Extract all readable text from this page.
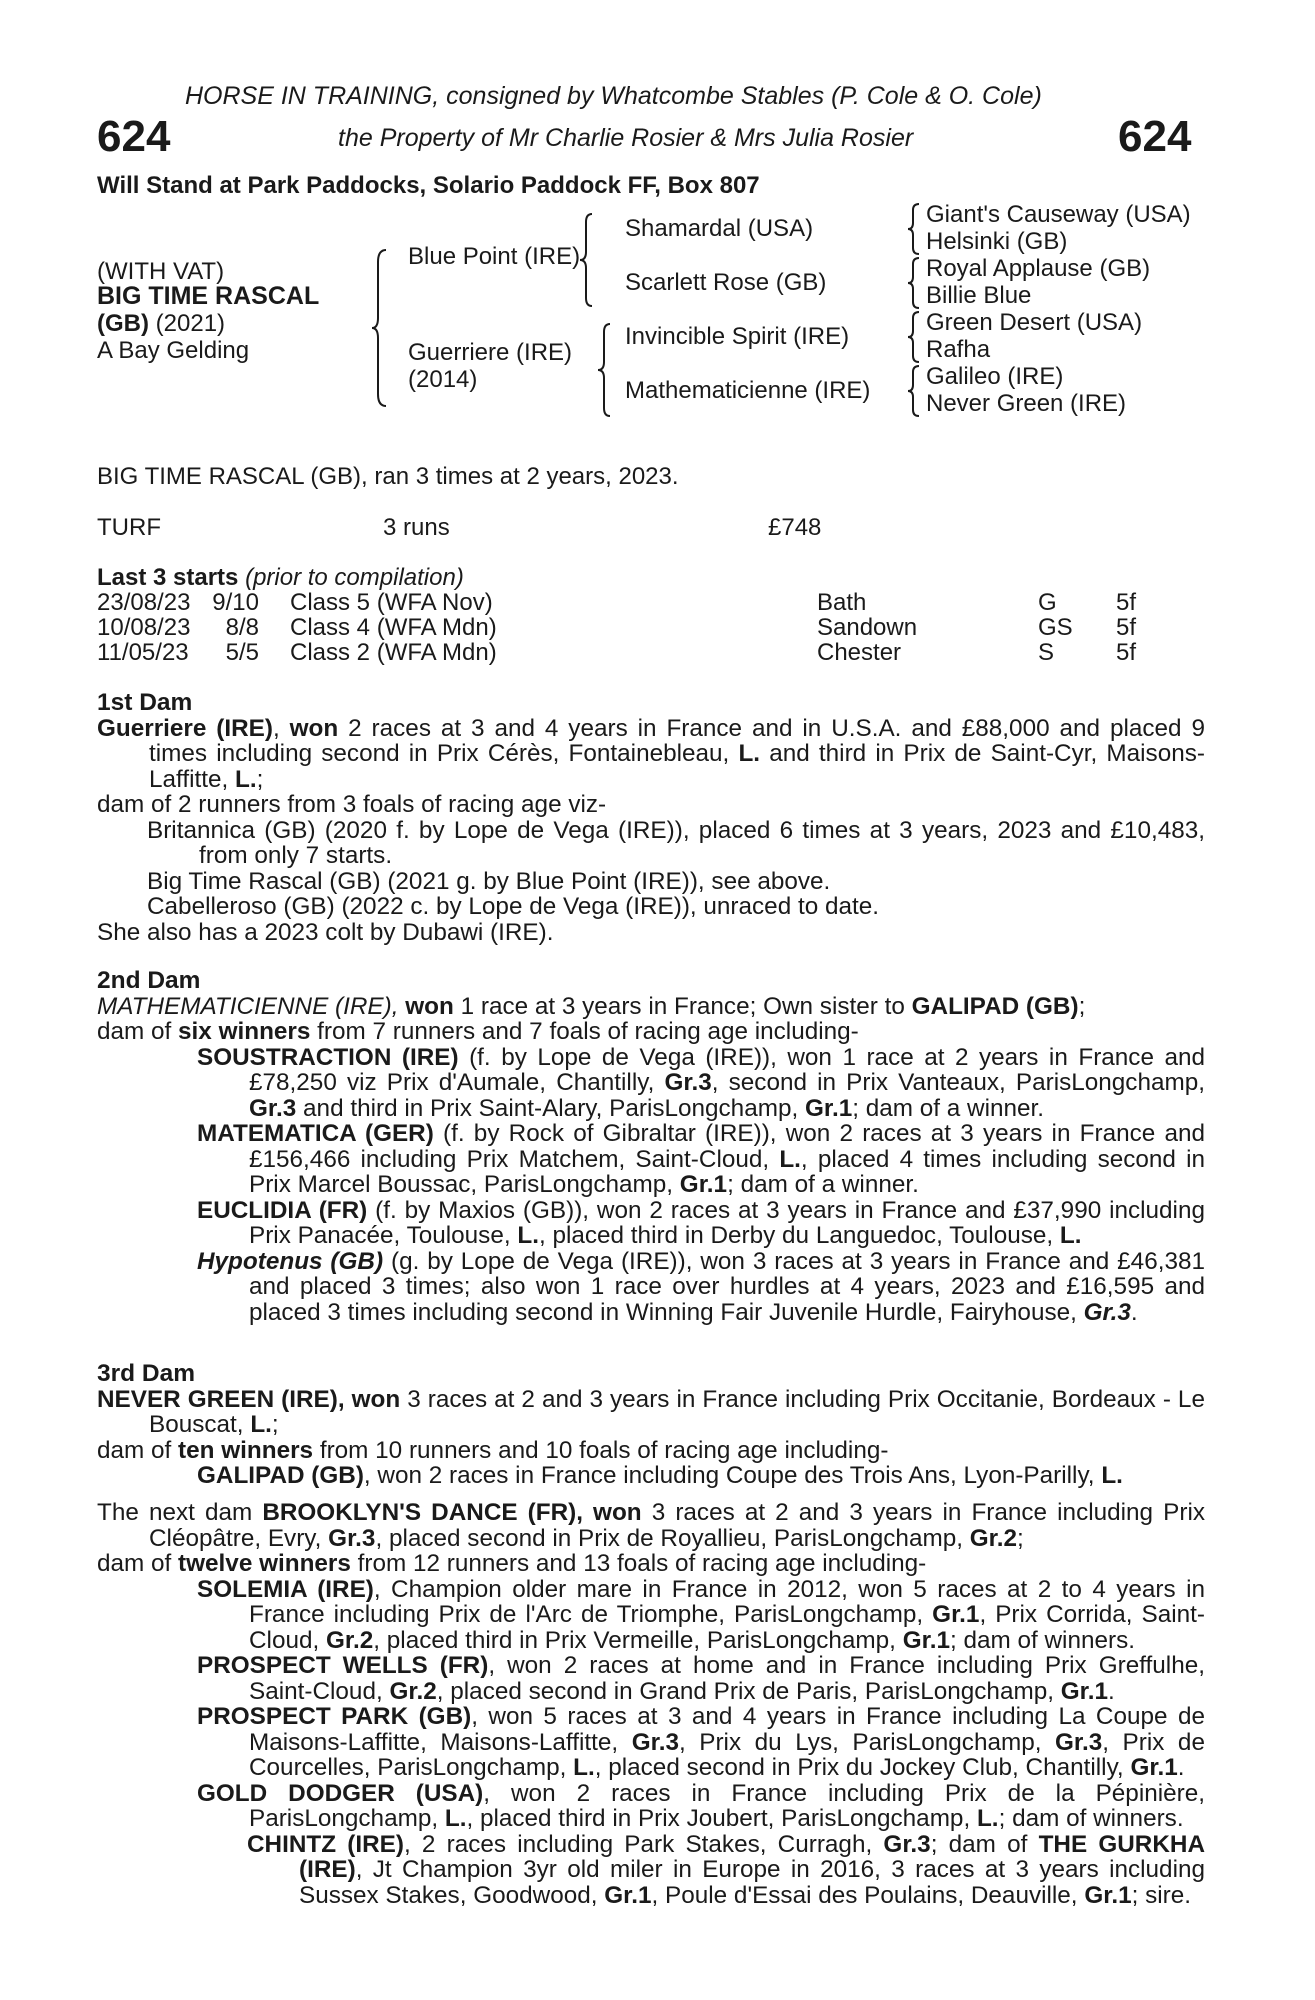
HORSE IN TRAINING, consigned by Whatcombe Stables (P. Cole & O. Cole)
624	the Property of Mr Charlie Rosier & Mrs Julia Rosier	624
Will Stand at Park Paddocks, Solario Paddock FF, Box 807
(WITH VAT)
BIG TIME RASCAL
(GB) (2021)
A Bay Gelding
Blue Point (IRE)
Guerriere (IRE)
(2014)
Shamardal (USA)
Scarlett Rose (GB)
Invincible Spirit (IRE)
Mathematicienne (IRE)
Giant's Causeway (USA)
Helsinki (GB)
Royal Applause (GB)
Billie Blue
Green Desert (USA)
Rafha
Galileo (IRE)
Never Green (IRE)
BIG TIME RASCAL (GB), ran 3 times at 2 years, 2023.
TURF	3 runs	£748
Last 3 starts (prior to compilation)
23/08/23 9/10 Class 5 (WFA Nov)	Bath	G 5f
10/08/23	8/8 Class 4 (WFA Mdn)	Sandown	GS 5f
11/05/23	5/5 Class 2 (WFA Mdn)	Chester	S	5f

1st Dam

Guerriere (IRE), won 2 races at 3 and 4 years in France and in U.S.A. and £88,000 and placed 9 times including second in Prix Cérès, Fontainebleau, L. and third in Prix de Saint-Cyr, Maisons-Laffitte, L.;

dam of 2 runners from 3 foals of racing age viz-

Britannica (GB) (2020 f. by Lope de Vega (IRE)), placed 6 times at 3 years, 2023 and £10,483, from only 7 starts.

Big Time Rascal (GB) (2021 g. by Blue Point (IRE)), see above.

Cabelleroso (GB) (2022 c. by Lope de Vega (IRE)), unraced to date.

She also has a 2023 colt by Dubawi (IRE).

2nd Dam

MATHEMATICIENNE (IRE), won 1 race at 3 years in France; Own sister to GALIPAD (GB);

dam of six winners from 7 runners and 7 foals of racing age including-

SOUSTRACTION (IRE) (f. by Lope de Vega (IRE)), won 1 race at 2 years in France and £78,250 viz Prix d'Aumale, Chantilly, Gr.3, second in Prix Vanteaux, ParisLongchamp, Gr.3 and third in Prix Saint-Alary, ParisLongchamp, Gr.1; dam of a winner.

MATEMATICA (GER) (f. by Rock of Gibraltar (IRE)), won 2 races at 3 years in France and £156,466 including Prix Matchem, Saint-Cloud, L., placed 4 times including second in Prix Marcel Boussac, ParisLongchamp, Gr.1; dam of a winner.

EUCLIDIA (FR) (f. by Maxios (GB)), won 2 races at 3 years in France and £37,990 including Prix Panacée, Toulouse, L., placed third in Derby du Languedoc, Toulouse, L.

Hypotenus (GB) (g. by Lope de Vega (IRE)), won 3 races at 3 years in France and £46,381 and placed 3 times; also won 1 race over hurdles at 4 years, 2023 and £16,595 and placed 3 times including second in Winning Fair Juvenile Hurdle, Fairyhouse, Gr.3.

3rd Dam

NEVER GREEN (IRE), won 3 races at 2 and 3 years in France including Prix Occitanie, Bordeaux - Le Bouscat, L.;

dam of ten winners from 10 runners and 10 foals of racing age including-

GALIPAD (GB), won 2 races in France including Coupe des Trois Ans, Lyon-Parilly, L.

The next dam BROOKLYN'S DANCE (FR), won 3 races at 2 and 3 years in France including Prix Cléopâtre, Evry, Gr.3, placed second in Prix de Royallieu, ParisLongchamp, Gr.2;

dam of twelve winners from 12 runners and 13 foals of racing age including-

SOLEMIA (IRE), Champion older mare in France in 2012, won 5 races at 2 to 4 years in France including Prix de l'Arc de Triomphe, ParisLongchamp, Gr.1, Prix Corrida, Saint-Cloud, Gr.2, placed third in Prix Vermeille, ParisLongchamp, Gr.1; dam of winners.

PROSPECT WELLS (FR), won 2 races at home and in France including Prix Greffulhe, Saint-Cloud, Gr.2, placed second in Grand Prix de Paris, ParisLongchamp, Gr.1.

PROSPECT PARK (GB), won 5 races at 3 and 4 years in France including La Coupe de Maisons-Laffitte, Maisons-Laffitte, Gr.3, Prix du Lys, ParisLongchamp, Gr.3, Prix de Courcelles, ParisLongchamp, L., placed second in Prix du Jockey Club, Chantilly, Gr.1.

GOLD DODGER (USA), won 2 races in France including Prix de la Pépinière, ParisLongchamp, L., placed third in Prix Joubert, ParisLongchamp, L.; dam of winners.

CHINTZ (IRE), 2 races including Park Stakes, Curragh, Gr.3; dam of THE GURKHA (IRE), Jt Champion 3yr old miler in Europe in 2016, 3 races at 3 years including Sussex Stakes, Goodwood, Gr.1, Poule d'Essai des Poulains, Deauville, Gr.1; sire.
